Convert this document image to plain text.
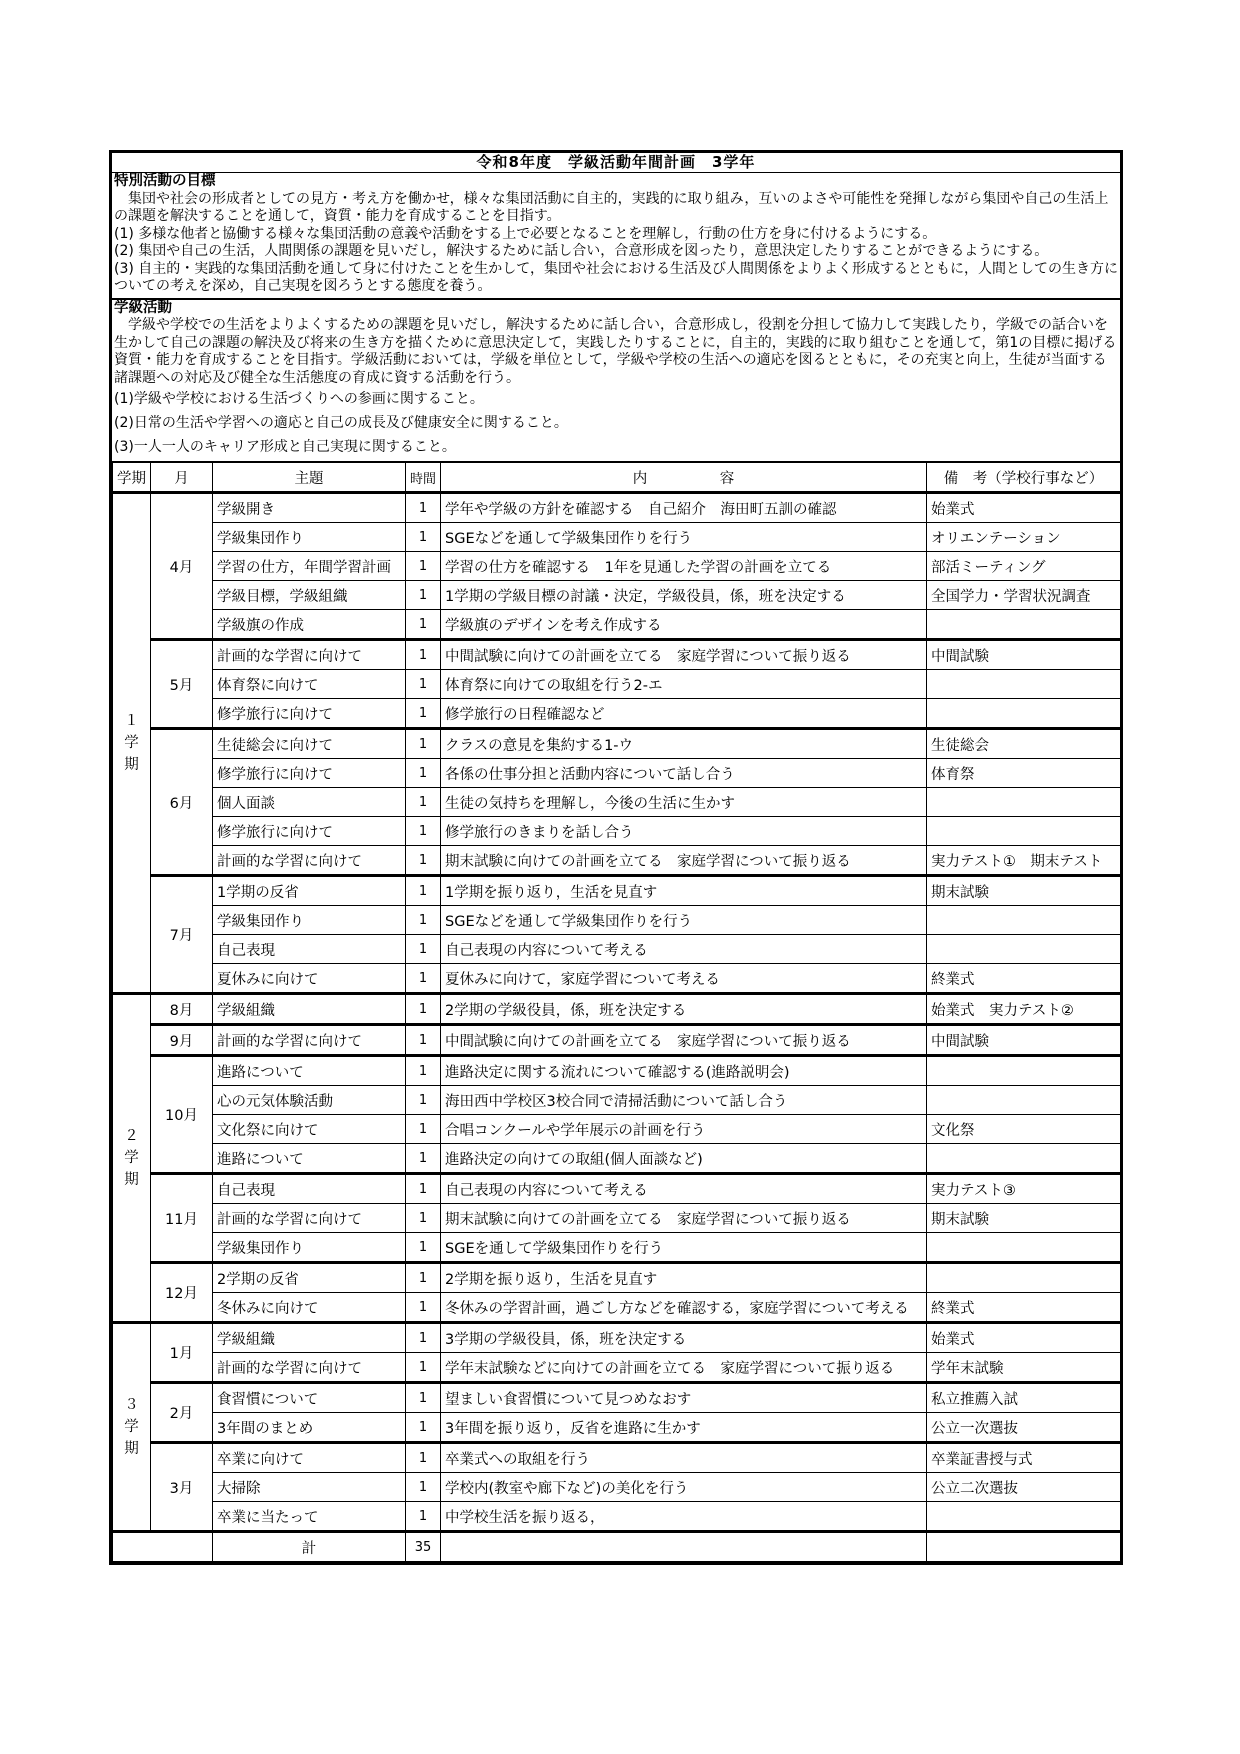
令和8年度　学級活動年間計画　3学年
特別活動の目標
集団や社会の形成者としての見方・考え方を働かせ，様々な集団活動に自主的，実践的に取り組み，互いのよさや可能性を発揮しながら集団や自己の生活上の課題を解決することを通して，資質・能力を育成することを目指す。
(1) 多様な他者と協働する様々な集団活動の意義や活動をする上で必要となることを理解し，行動の仕方を身に付けるようにする。
(2) 集団や自己の生活，人間関係の課題を見いだし，解決するために話し合い，合意形成を図ったり，意思決定したりすることができるようにする。
(3) 自主的・実践的な集団活動を通して身に付けたことを生かして，集団や社会における生活及び人間関係をよりよく形成するとともに，人間としての生き方についての考えを深め，自己実現を図ろうとする態度を養う。
学級活動
学級や学校での生活をよりよくするための課題を見いだし，解決するために話し合い，合意形成し，役割を分担して協力して実践したり，学級での話合いを生かして自己の課題の解決及び将来の生き方を描くために意思決定して，実践したりすることに，自主的，実践的に取り組むことを通して，第1の目標に掲げる資質・能力を育成することを目指す。学級活動においては，学級を単位として，学級や学校の生活への適応を図るとともに，その充実と向上，生徒が当面する諸課題への対応及び健全な生活態度の育成に資する活動を行う。
(1)学級や学校における生活づくりへの参画に関すること。
(2)日常の生活や学習への適応と自己の成長及び健康安全に関すること。
(3)一人一人のキャリア形成と自己実現に関すること。
学期	月	主題	時間	内　　　　　容	備　考（学校行事など）
１学期	4月	学級開き	1	学年や学級の方針を確認する　自己紹介　海田町五訓の確認	始業式
		学級集団作り	1	SGEなどを通して学級集団作りを行う	オリエンテーション
		学習の仕方，年間学習計画	1	学習の仕方を確認する　1年を見通した学習の計画を立てる	部活ミーティング
		学級目標，学級組織	1	1学期の学級目標の討議・決定，学級役員，係，班を決定する	全国学力・学習状況調査
		学級旗の作成	1	学級旗のデザインを考え作成する	
	5月	計画的な学習に向けて	1	中間試験に向けての計画を立てる　家庭学習について振り返る	中間試験
		体育祭に向けて	1	体育祭に向けての取組を行う2-エ	
		修学旅行に向けて	1	修学旅行の日程確認など	
	6月	生徒総会に向けて	1	クラスの意見を集約する1-ウ	生徒総会
		修学旅行に向けて	1	各係の仕事分担と活動内容について話し合う	体育祭
		個人面談	1	生徒の気持ちを理解し，今後の生活に生かす	
		修学旅行に向けて	1	修学旅行のきまりを話し合う	
		計画的な学習に向けて	1	期末試験に向けての計画を立てる　家庭学習について振り返る	実力テスト①　期末テスト
	7月	1学期の反省	1	1学期を振り返り，生活を見直す	期末試験
		学級集団作り	1	SGEなどを通して学級集団作りを行う	
		自己表現	1	自己表現の内容について考える	
		夏休みに向けて	1	夏休みに向けて，家庭学習について考える	終業式
２学期	8月	学級組織	1	2学期の学級役員，係，班を決定する	始業式　実力テスト②
	9月	計画的な学習に向けて	1	中間試験に向けての計画を立てる　家庭学習について振り返る	中間試験
	10月	進路について	1	進路決定に関する流れについて確認する(進路説明会)	
		心の元気体験活動	1	海田西中学校区3校合同で清掃活動について話し合う	
		文化祭に向けて	1	合唱コンクールや学年展示の計画を行う	文化祭
		進路について	1	進路決定の向けての取組(個人面談など)	
	11月	自己表現	1	自己表現の内容について考える	実力テスト③
		計画的な学習に向けて	1	期末試験に向けての計画を立てる　家庭学習について振り返る	期末試験
		学級集団作り	1	SGEを通して学級集団作りを行う	
	12月	2学期の反省	1	2学期を振り返り，生活を見直す	
		冬休みに向けて	1	冬休みの学習計画，過ごし方などを確認する，家庭学習について考える	終業式
３学期	1月	学級組織	1	3学期の学級役員，係，班を決定する	始業式
		計画的な学習に向けて	1	学年末試験などに向けての計画を立てる　家庭学習について振り返る	学年末試験
	2月	食習慣について	1	望ましい食習慣について見つめなおす	私立推薦入試
		3年間のまとめ	1	3年間を振り返り，反省を進路に生かす	公立一次選抜
	3月	卒業に向けて	1	卒業式への取組を行う	卒業証書授与式
		大掃除	1	学校内(教室や廊下など)の美化を行う	公立二次選抜
		卒業に当たって	1	中学校生活を振り返る，	
		計	35		
